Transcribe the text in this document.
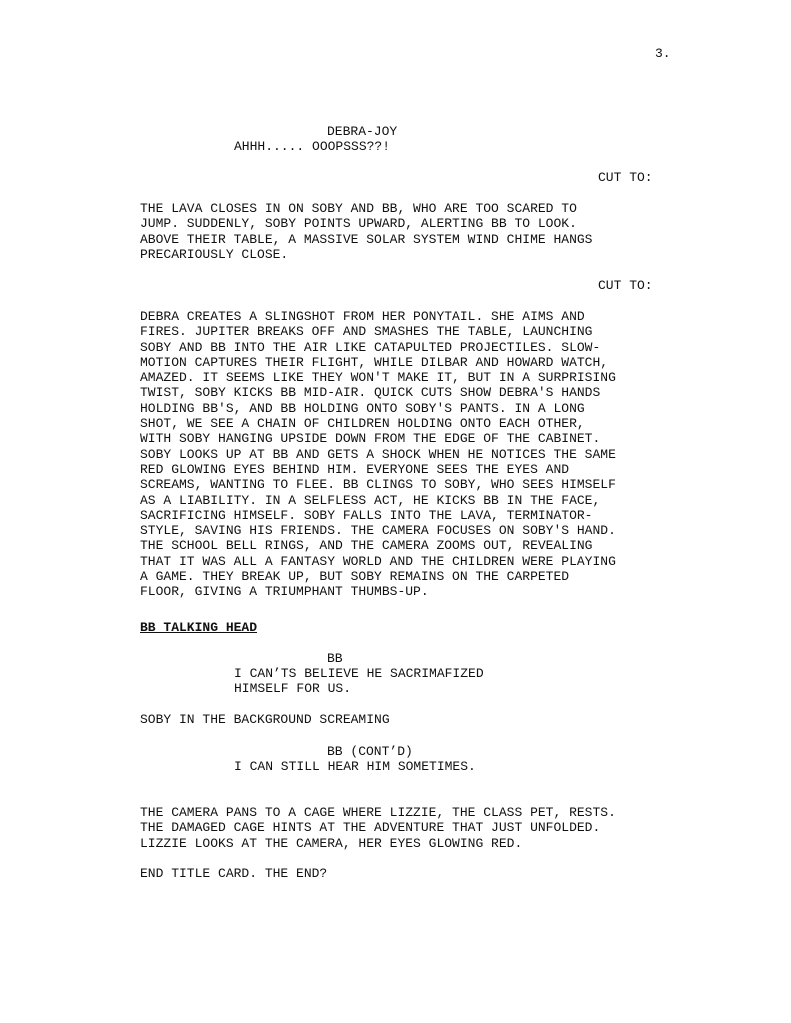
3.
DEBRA-JOY
AHHH..... OOOPSSS??!
CUT TO:
THE LAVA CLOSES IN ON SOBY AND BB, WHO ARE TOO SCARED TO
JUMP. SUDDENLY, SOBY POINTS UPWARD, ALERTING BB TO LOOK.
ABOVE THEIR TABLE, A MASSIVE SOLAR SYSTEM WIND CHIME HANGS
PRECARIOUSLY CLOSE.
CUT TO:
DEBRA CREATES A SLINGSHOT FROM HER PONYTAIL. SHE AIMS AND
FIRES. JUPITER BREAKS OFF AND SMASHES THE TABLE, LAUNCHING
SOBY AND BB INTO THE AIR LIKE CATAPULTED PROJECTILES. SLOW-
MOTION CAPTURES THEIR FLIGHT, WHILE DILBAR AND HOWARD WATCH,
AMAZED. IT SEEMS LIKE THEY WON'T MAKE IT, BUT IN A SURPRISING
TWIST, SOBY KICKS BB MID-AIR. QUICK CUTS SHOW DEBRA'S HANDS
HOLDING BB'S, AND BB HOLDING ONTO SOBY'S PANTS. IN A LONG
SHOT, WE SEE A CHAIN OF CHILDREN HOLDING ONTO EACH OTHER,
WITH SOBY HANGING UPSIDE DOWN FROM THE EDGE OF THE CABINET.
SOBY LOOKS UP AT BB AND GETS A SHOCK WHEN HE NOTICES THE SAME
RED GLOWING EYES BEHIND HIM. EVERYONE SEES THE EYES AND
SCREAMS, WANTING TO FLEE. BB CLINGS TO SOBY, WHO SEES HIMSELF
AS A LIABILITY. IN A SELFLESS ACT, HE KICKS BB IN THE FACE,
SACRIFICING HIMSELF. SOBY FALLS INTO THE LAVA, TERMINATOR-
STYLE, SAVING HIS FRIENDS. THE CAMERA FOCUSES ON SOBY'S HAND.
THE SCHOOL BELL RINGS, AND THE CAMERA ZOOMS OUT, REVEALING
THAT IT WAS ALL A FANTASY WORLD AND THE CHILDREN WERE PLAYING
A GAME. THEY BREAK UP, BUT SOBY REMAINS ON THE CARPETED
FLOOR, GIVING A TRIUMPHANT THUMBS-UP.
BB TALKING HEAD
BB
I CAN’TS BELIEVE HE SACRIMAFIZED
HIMSELF FOR US.
SOBY IN THE BACKGROUND SCREAMING
BB (CONT’D)
I CAN STILL HEAR HIM SOMETIMES.
THE CAMERA PANS TO A CAGE WHERE LIZZIE, THE CLASS PET, RESTS.
THE DAMAGED CAGE HINTS AT THE ADVENTURE THAT JUST UNFOLDED.
LIZZIE LOOKS AT THE CAMERA, HER EYES GLOWING RED.
END TITLE CARD. THE END?
